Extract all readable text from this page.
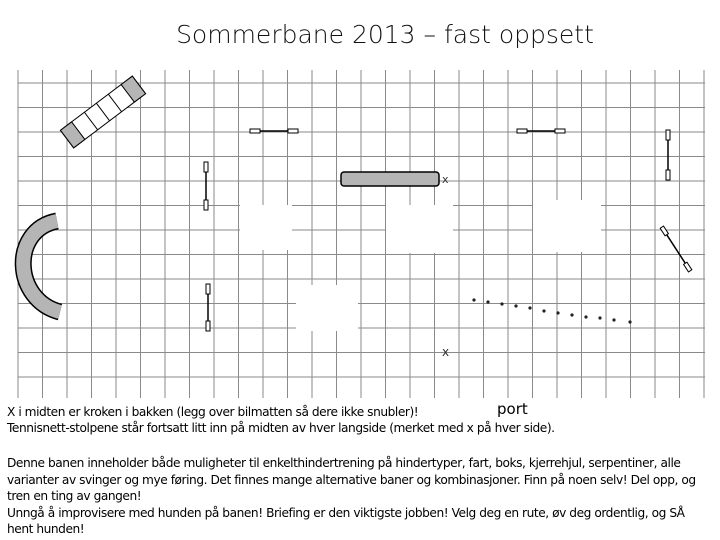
Sommerbane 2013 – fast oppsett
x
x
port
X i midten er kroken i bakken (legg over bilmatten så dere ikke snubler)!
Tennisnett-stolpene står fortsatt litt inn på midten av hver langside (merket med x på hver side).

Denne banen inneholder både muligheter til enkelthindertrening på hindertyper, fart, boks, kjerrehjul, serpentiner, alle varianter av svinger og mye føring. Det finnes mange alternative baner og kombinasjoner. Finn på noen selv! Del opp, og tren en ting av gangen!

Unngå å improvisere med hunden på banen! Briefing er den viktigste jobben! Velg deg en rute, øv deg ordentlig, og SÅ hent hunden!
